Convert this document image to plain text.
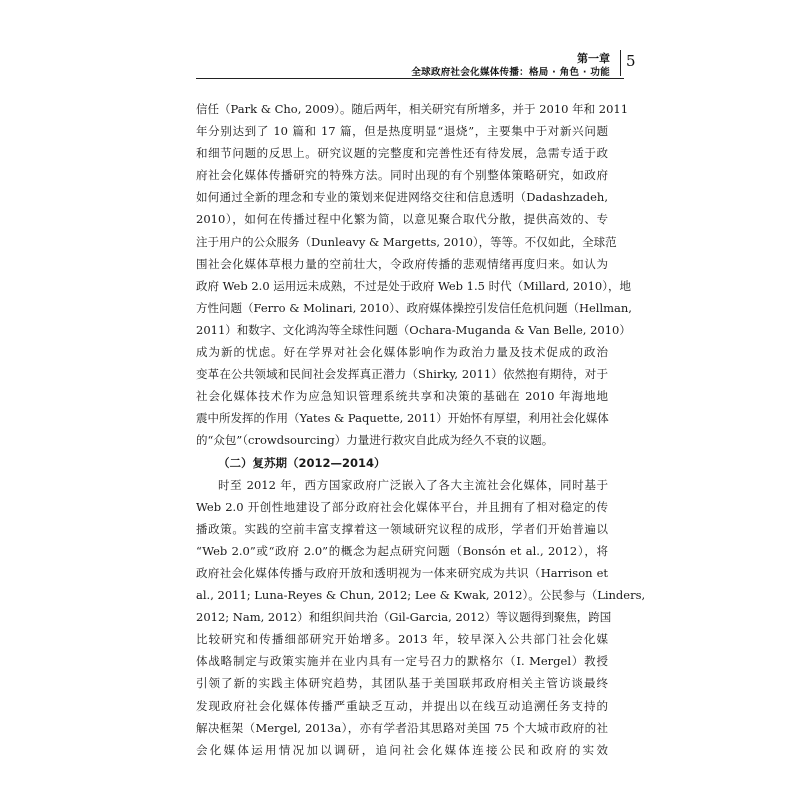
第一章
全球政府社会化媒体传播：格局 · 角色 · 功能
5
信任（Park & Cho, 2009）。随后两年，相关研究有所增多，并于 2010 年和 2011
年分别达到了 10 篇和 17 篇，但是热度明显“退烧”，主要集中于对新兴问题
和细节问题的反思上。研究议题的完整度和完善性还有待发展，急需专适于政
府社会化媒体传播研究的特殊方法。同时出现的有个别整体策略研究，如政府
如何通过全新的理念和专业的策划来促进网络交往和信息透明（Dadashzadeh,
2010），如何在传播过程中化繁为简，以意见聚合取代分散，提供高效的、专
注于用户的公众服务（Dunleavy & Margetts, 2010），等等。不仅如此，全球范
围社会化媒体草根力量的空前壮大，令政府传播的悲观情绪再度归来。如认为
政府 Web 2.0 运用远未成熟，不过是处于政府 Web 1.5 时代（Millard, 2010），地
方性问题（Ferro & Molinari, 2010）、政府媒体操控引发信任危机问题（Hellman,
2011）和数字、文化鸿沟等全球性问题（Ochara-Muganda & Van Belle, 2010）
成为新的忧虑。好在学界对社会化媒体影响作为政治力量及技术促成的政治
变革在公共领域和民间社会发挥真正潜力（Shirky, 2011）依然抱有期待，对于
社会化媒体技术作为应急知识管理系统共享和决策的基础在 2010 年海地地
震中所发挥的作用（Yates & Paquette, 2011）开始怀有厚望，利用社会化媒体
的“众包”（crowdsourcing）力量进行救灾自此成为经久不衰的议题。
（二）复苏期（2012—2014）
时至 2012 年，西方国家政府广泛嵌入了各大主流社会化媒体，同时基于
Web 2.0 开创性地建设了部分政府社会化媒体平台，并且拥有了相对稳定的传
播政策。实践的空前丰富支撑着这一领域研究议程的成形，学者们开始普遍以
“Web 2.0”或“政府 2.0”的概念为起点研究问题（Bonsón et al., 2012），将
政府社会化媒体传播与政府开放和透明视为一体来研究成为共识（Harrison et
al., 2011; Luna-Reyes & Chun, 2012; Lee & Kwak, 2012）。公民参与（Linders,
2012; Nam, 2012）和组织间共治（Gil-Garcia, 2012）等议题得到聚焦，跨国
比较研究和传播细部研究开始增多。2013 年，较早深入公共部门社会化媒
体战略制定与政策实施并在业内具有一定号召力的默格尔（I. Mergel）教授
引领了新的实践主体研究趋势，其团队基于美国联邦政府相关主管访谈最终
发现政府社会化媒体传播严重缺乏互动，并提出以在线互动追溯任务支持的
解决框架（Mergel, 2013a），亦有学者沿其思路对美国 75 个大城市政府的社
会化媒体运用情况加以调研，追问社会化媒体连接公民和政府的实效
